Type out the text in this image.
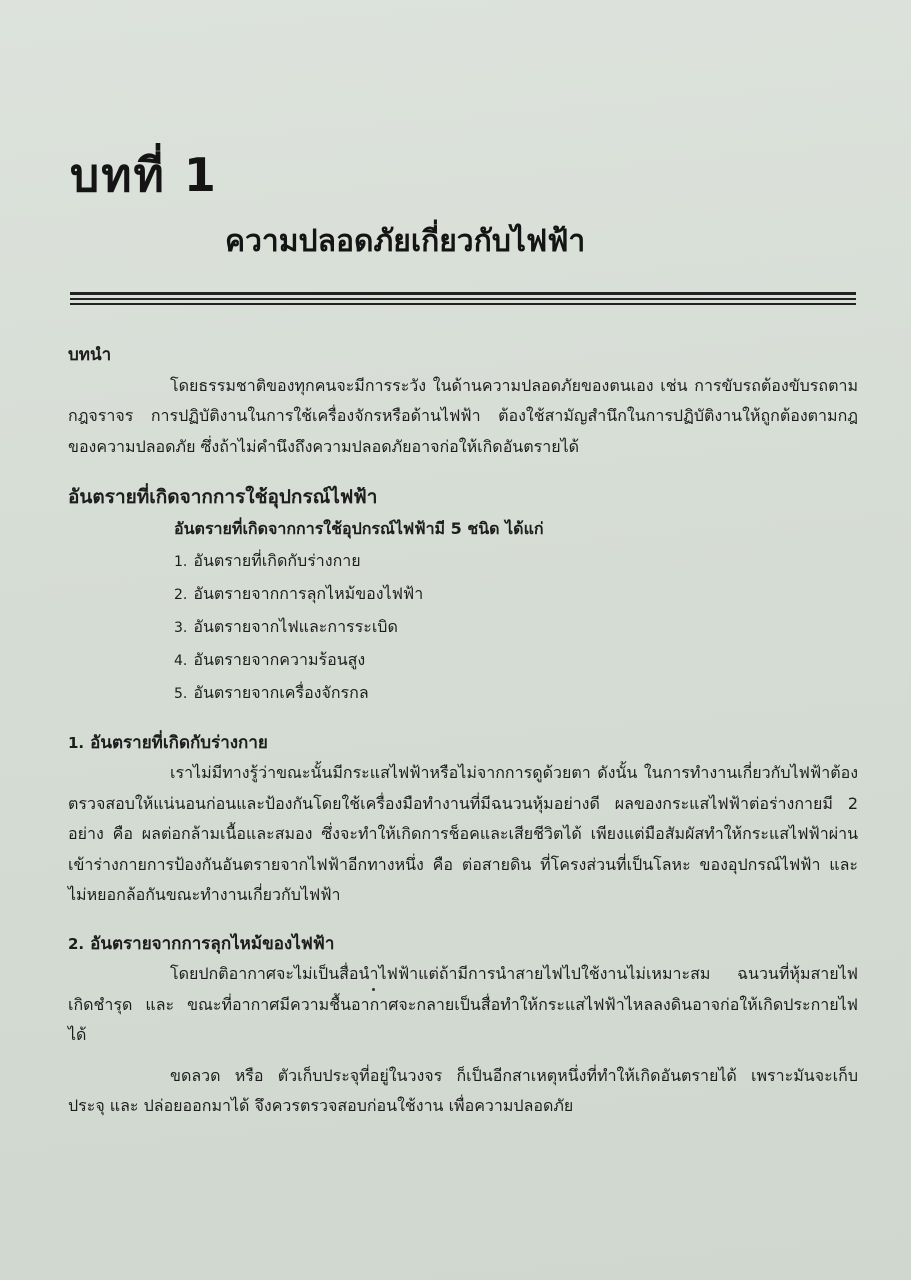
บทที่ 1
ความปลอดภัยเกี่ยวกับไฟฟ้า

บทนำ

โดยธรรมชาติของทุกคนจะมีการระวัง ในด้านความปลอดภัยของตนเอง เช่น การขับรถต้องขับรถตามกฎจราจร การปฏิบัติงานในการใช้เครื่องจักรหรือด้านไฟฟ้า ต้องใช้สามัญสำนึกในการปฏิบัติงานให้ถูกต้องตามกฎของความปลอดภัย ซึ่งถ้าไม่คำนึงถึงความปลอดภัยอาจก่อให้เกิดอันตรายได้

อันตรายที่เกิดจากการใช้อุปกรณ์ไฟฟ้า

อันตรายที่เกิดจากการใช้อุปกรณ์ไฟฟ้ามี 5 ชนิด ได้แก่

1. อันตรายที่เกิดกับร่างกาย
2. อันตรายจากการลุกไหม้ของไฟฟ้า
3. อันตรายจากไฟและการระเบิด
4. อันตรายจากความร้อนสูง
5. อันตรายจากเครื่องจักรกล

1. อันตรายที่เกิดกับร่างกาย

เราไม่มีทางรู้ว่าขณะนั้นมีกระแสไฟฟ้าหรือไม่จากการดูด้วยตา ดังนั้น ในการทำงานเกี่ยวกับไฟฟ้าต้องตรวจสอบให้แน่นอนก่อนและป้องกันโดยใช้เครื่องมือทำงานที่มีฉนวนหุ้มอย่างดี ผลของกระแสไฟฟ้าต่อร่างกายมี 2 อย่าง คือ ผลต่อกล้ามเนื้อและสมอง ซึ่งจะทำให้เกิดการช็อคและเสียชีวิตได้ เพียงแต่มือสัมผัสทำให้กระแสไฟฟ้าผ่านเข้าร่างกายการป้องกันอันตรายจากไฟฟ้าอีกทางหนึ่ง คือ ต่อสายดิน ที่โครงส่วนที่เป็นโลหะ ของอุปกรณ์ไฟฟ้า และ ไม่หยอกล้อกันขณะทำงานเกี่ยวกับไฟฟ้า

2. อันตรายจากการลุกไหม้ของไฟฟ้า

โดยปกติอากาศจะไม่เป็นสื่อนำไฟฟ้าแต่ถ้ามีการนำสายไฟไปใช้งานไม่เหมาะสม ฉนวนที่หุ้มสายไฟเกิดชำรุด และ ขณะที่อากาศมีความชื้นอากาศจะกลายเป็นสื่อทำให้กระแสไฟฟ้าไหลลงดินอาจก่อให้เกิดประกายไฟได้

ขดลวด หรือ ตัวเก็บประจุที่อยู่ในวงจร ก็เป็นอีกสาเหตุหนึ่งที่ทำให้เกิดอันตรายได้ เพราะมันจะเก็บประจุ และ ปล่อยออกมาได้ จึงควรตรวจสอบก่อนใช้งาน เพื่อความปลอดภัย
